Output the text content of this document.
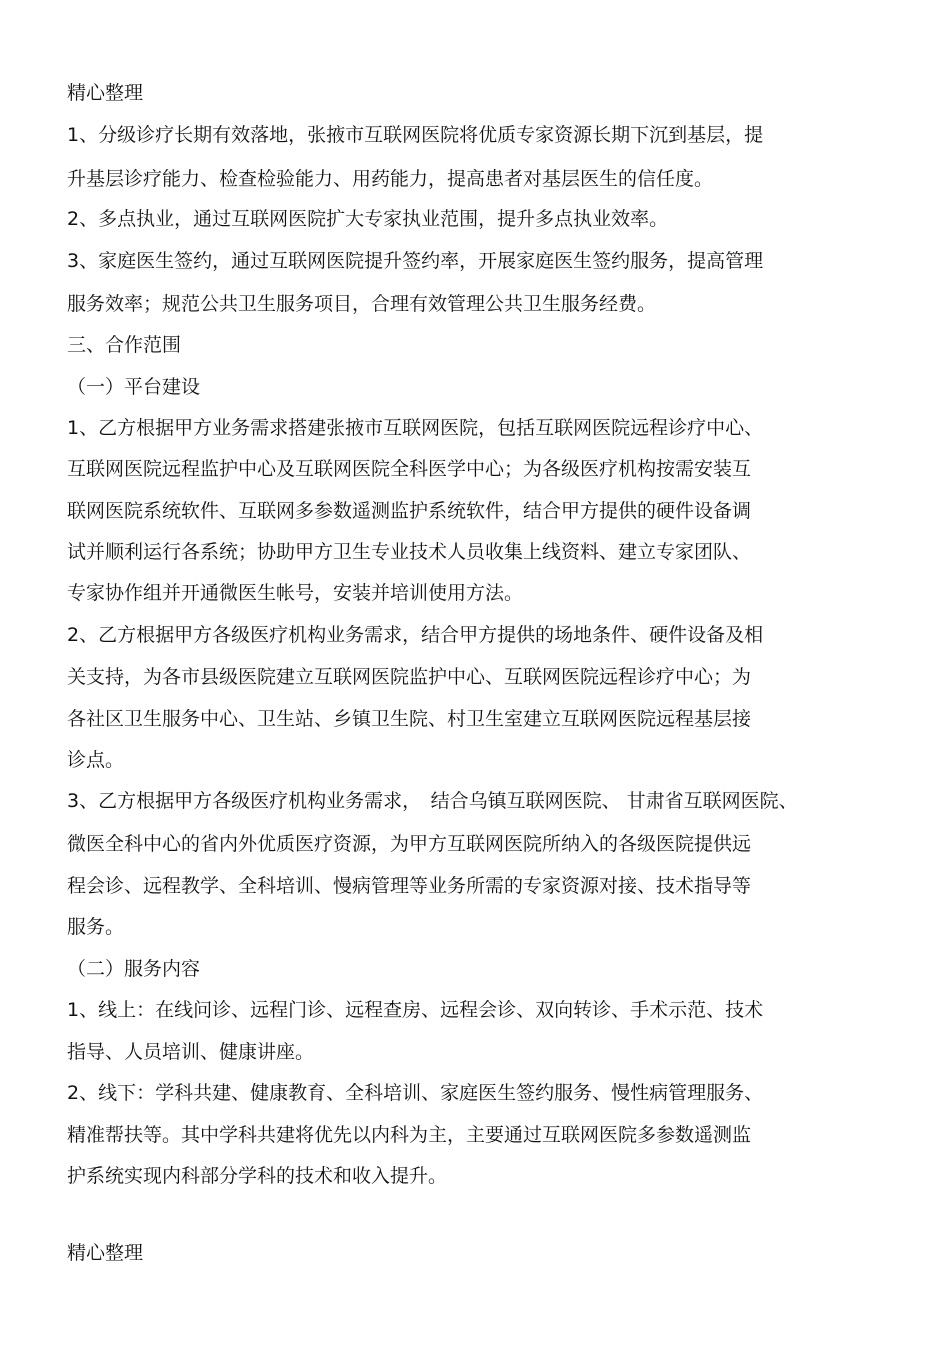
精心整理
1、分级诊疗长期有效落地，张掖市互联网医院将优质专家资源长期下沉到基层，提
升基层诊疗能力、检查检验能力、用药能力，提高患者对基层医生的信任度。
2、多点执业，通过互联网医院扩大专家执业范围，提升多点执业效率。
3、家庭医生签约，通过互联网医院提升签约率，开展家庭医生签约服务，提高管理
服务效率；规范公共卫生服务项目，合理有效管理公共卫生服务经费。
三、合作范围
（一）平台建设
1、乙方根据甲方业务需求搭建张掖市互联网医院，包括互联网医院远程诊疗中心、
互联网医院远程监护中心及互联网医院全科医学中心；为各级医疗机构按需安装互
联网医院系统软件、互联网多参数遥测监护系统软件，结合甲方提供的硬件设备调
试并顺利运行各系统；协助甲方卫生专业技术人员收集上线资料、建立专家团队、
专家协作组并开通微医生帐号，安装并培训使用方法。
2、乙方根据甲方各级医疗机构业务需求，结合甲方提供的场地条件、硬件设备及相
关支持，为各市县级医院建立互联网医院监护中心、互联网医院远程诊疗中心；为
各社区卫生服务中心、卫生站、乡镇卫生院、村卫生室建立互联网医院远程基层接
诊点。
3、乙方根据甲方各级医疗机构业务需求，　结合乌镇互联网医院、 甘肃省互联网医院、
微医全科中心的省内外优质医疗资源，为甲方互联网医院所纳入的各级医院提供远
程会诊、远程教学、全科培训、慢病管理等业务所需的专家资源对接、技术指导等
服务。
（二）服务内容
1、线上：在线问诊、远程门诊、远程查房、远程会诊、双向转诊、手术示范、技术
指导、人员培训、健康讲座。
2、线下：学科共建、健康教育、全科培训、家庭医生签约服务、慢性病管理服务、
精准帮扶等。其中学科共建将优先以内科为主，主要通过互联网医院多参数遥测监
护系统实现内科部分学科的技术和收入提升。
精心整理
